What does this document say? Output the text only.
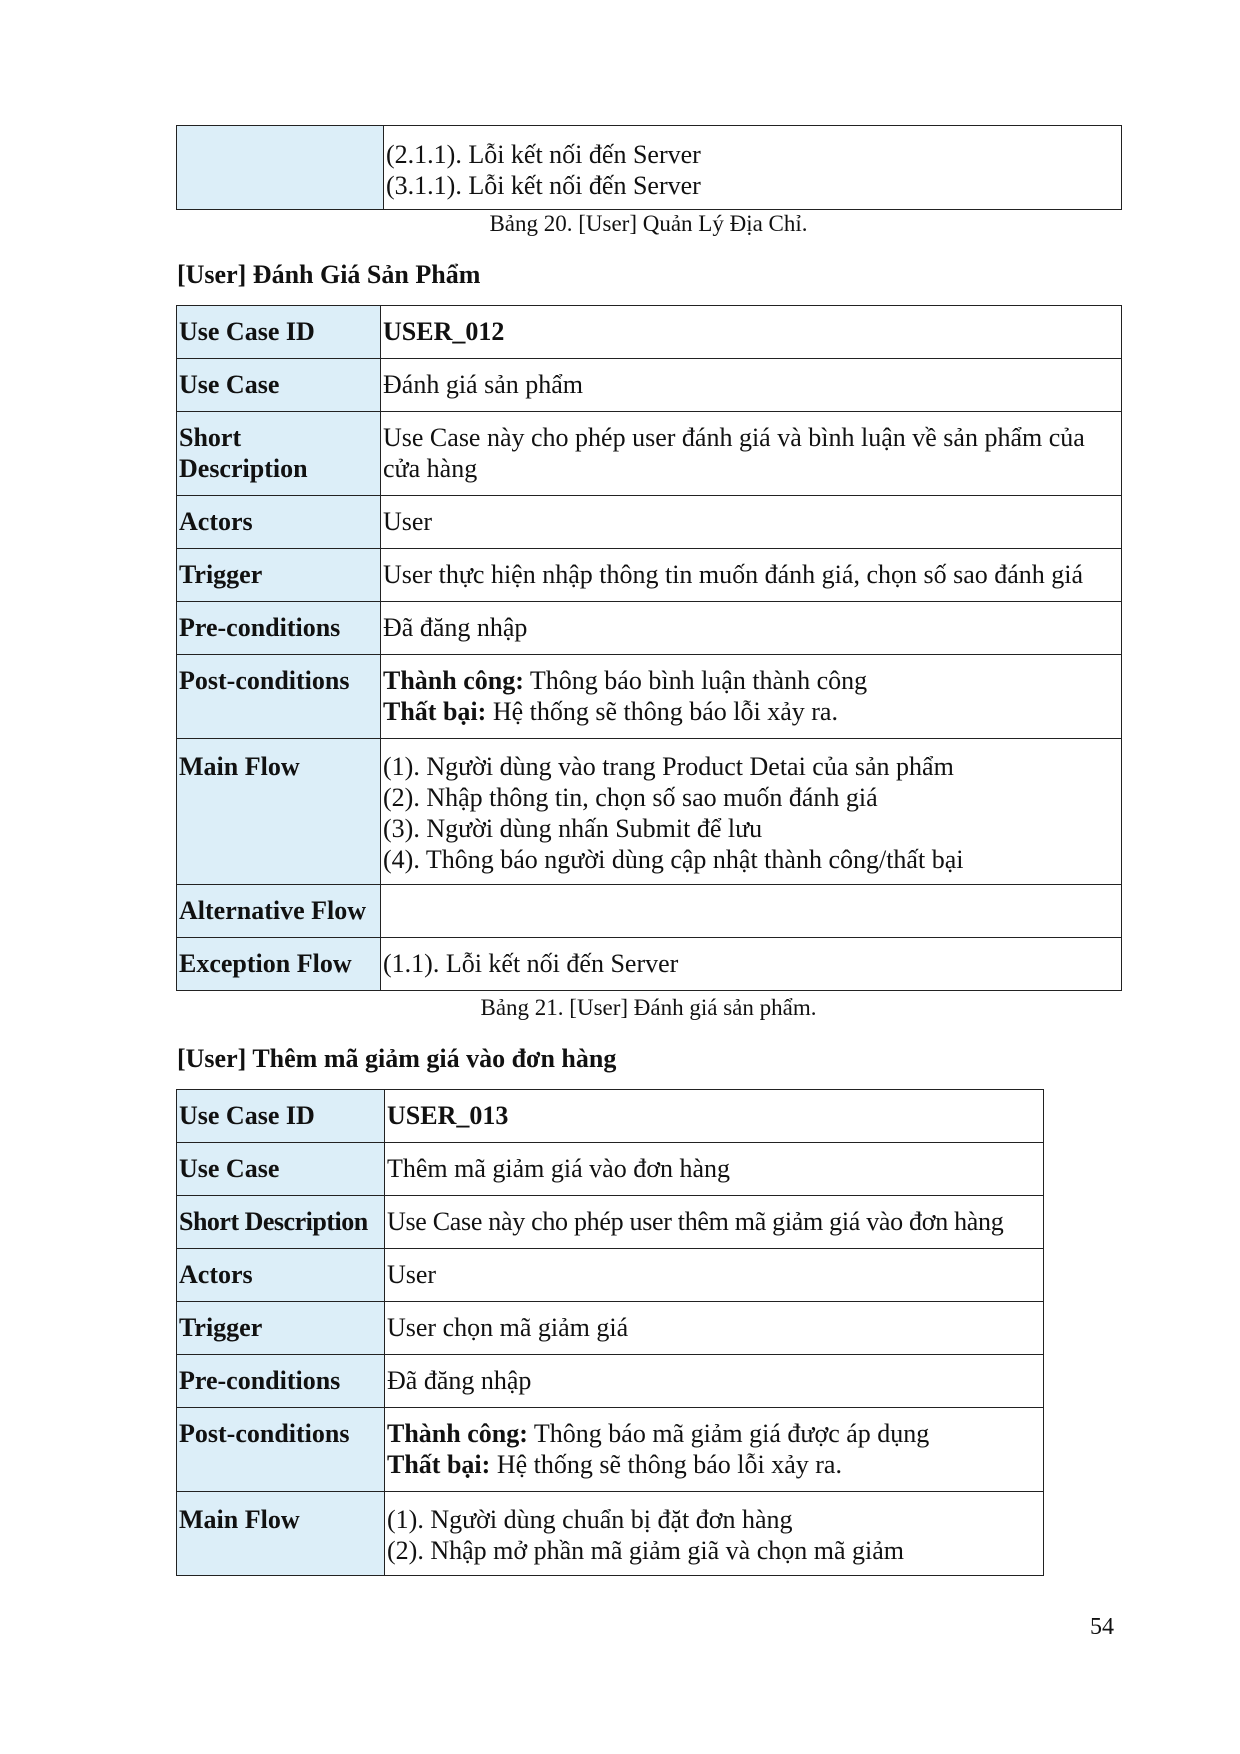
(2.1.1). Lỗi kết nối đến Server
(3.1.1). Lỗi kết nối đến Server
Bảng 20. [User] Quản Lý Địa Chỉ.
[User] Đánh Giá Sản Phẩm
Use Case ID	USER_012
Use Case	Đánh giá sản phẩm

Short
Description	Use Case này cho phép user đánh giá và bình luận về sản phẩm của
cửa hàng

Actors	User
Trigger	User thực hiện nhập thông tin muốn đánh giá, chọn số sao đánh giá
Pre-conditions	Đã đăng nhập
Post-conditions	Thành công: Thông báo bình luận thành công
Thất bại: Hệ thống sẽ thông báo lỗi xảy ra.

Main Flow	(1). Người dùng vào trang Product Detai của sản phẩm
(2). Nhập thông tin, chọn số sao muốn đánh giá
(3). Người dùng nhấn Submit để lưu
(4). Thông báo người dùng cập nhật thành công/thất bại

Alternative Flow	
Exception Flow	(1.1). Lỗi kết nối đến Server
Bảng 21. [User] Đánh giá sản phẩm.
[User] Thêm mã giảm giá vào đơn hàng
Use Case ID	USER_013
Use Case	Thêm mã giảm giá vào đơn hàng
Short Description	Use Case này cho phép user thêm mã giảm giá vào đơn hàng
Actors	User
Trigger	User chọn mã giảm giá
Pre-conditions	Đã đăng nhập
Post-conditions	Thành công: Thông báo mã giảm giá được áp dụng
Thất bại: Hệ thống sẽ thông báo lỗi xảy ra.

Main Flow	(1). Người dùng chuẩn bị đặt đơn hàng
(2). Nhập mở phần mã giảm giã và chọn mã giảm
54
